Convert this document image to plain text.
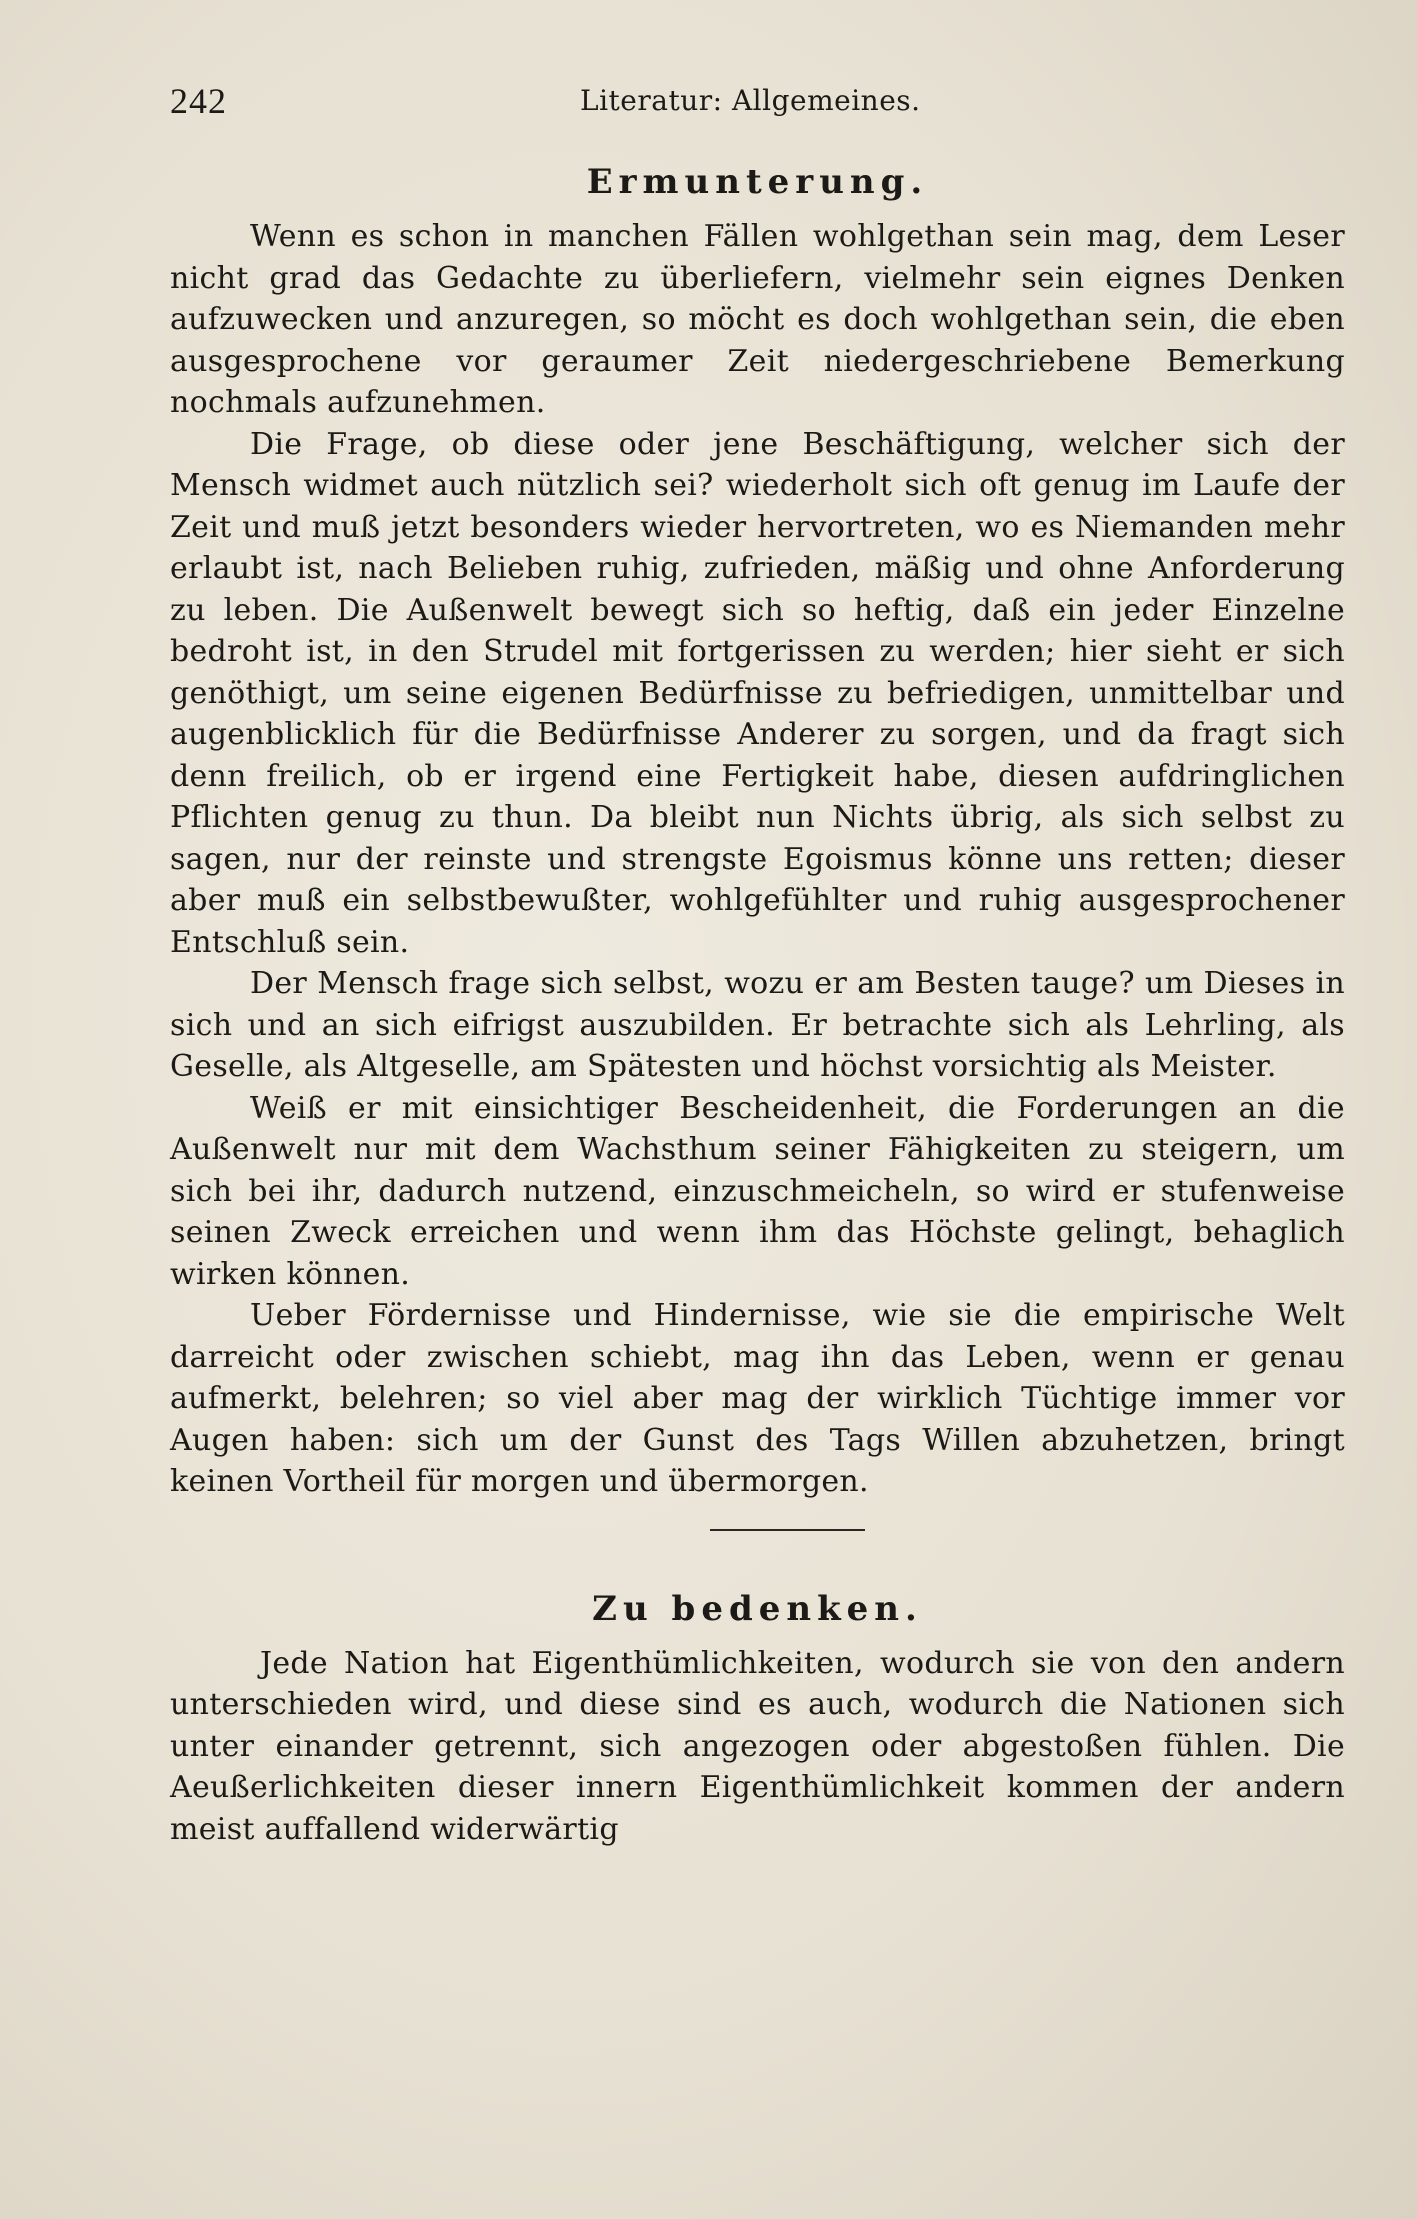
242	Literatur: Allgemeines.
Ermunterung.

Wenn es schon in manchen Fällen wohlgethan sein mag, dem Leser nicht grad das Gedachte zu überliefern, vielmehr sein eignes Denken aufzuwecken und anzuregen, so möcht es doch wohlgethan sein, die eben ausgesprochene vor geraumer Zeit niedergeschriebene Bemerkung nochmals aufzunehmen.

Die Frage, ob diese oder jene Beschäftigung, welcher sich der Mensch widmet auch nützlich sei? wiederholt sich oft genug im Laufe der Zeit und muß jetzt besonders wieder hervortreten, wo es Niemanden mehr erlaubt ist, nach Belieben ruhig, zufrieden, mäßig und ohne Anforderung zu leben. Die Außenwelt bewegt sich so heftig, daß ein jeder Einzelne bedroht ist, in den Strudel mit fortgerissen zu werden; hier sieht er sich genöthigt, um seine eigenen Bedürfnisse zu befriedigen, unmittelbar und augenblicklich für die Bedürfnisse Anderer zu sorgen, und da fragt sich denn freilich, ob er irgend eine Fertigkeit habe, diesen aufdringlichen Pflichten genug zu thun. Da bleibt nun Nichts übrig, als sich selbst zu sagen, nur der reinste und strengste Egoismus könne uns retten; dieser aber muß ein selbstbewußter, wohlgefühlter und ruhig ausgesprochener Entschluß sein.

Der Mensch frage sich selbst, wozu er am Besten tauge? um Dieses in sich und an sich eifrigst auszubilden. Er betrachte sich als Lehrling, als Geselle, als Altgeselle, am Spätesten und höchst vorsichtig als Meister.

Weiß er mit einsichtiger Bescheidenheit, die Forderungen an die Außenwelt nur mit dem Wachsthum seiner Fähigkeiten zu steigern, um sich bei ihr, dadurch nutzend, einzuschmeicheln, so wird er stufenweise seinen Zweck erreichen und wenn ihm das Höchste gelingt, behaglich wirken können.

Ueber Fördernisse und Hindernisse, wie sie die empirische Welt darreicht oder zwischen schiebt, mag ihn das Leben, wenn er genau aufmerkt, belehren; so viel aber mag der wirklich Tüchtige immer vor Augen haben: sich um der Gunst des Tags Willen abzuhetzen, bringt keinen Vortheil für morgen und übermorgen.

Zu bedenken.

Jede Nation hat Eigenthümlichkeiten, wodurch sie von den andern unterschieden wird, und diese sind es auch, wodurch die Nationen sich unter einander getrennt, sich angezogen oder abgestoßen fühlen. Die Aeußerlichkeiten dieser innern Eigenthümlichkeit kommen der andern meist auffallend widerwärtig
